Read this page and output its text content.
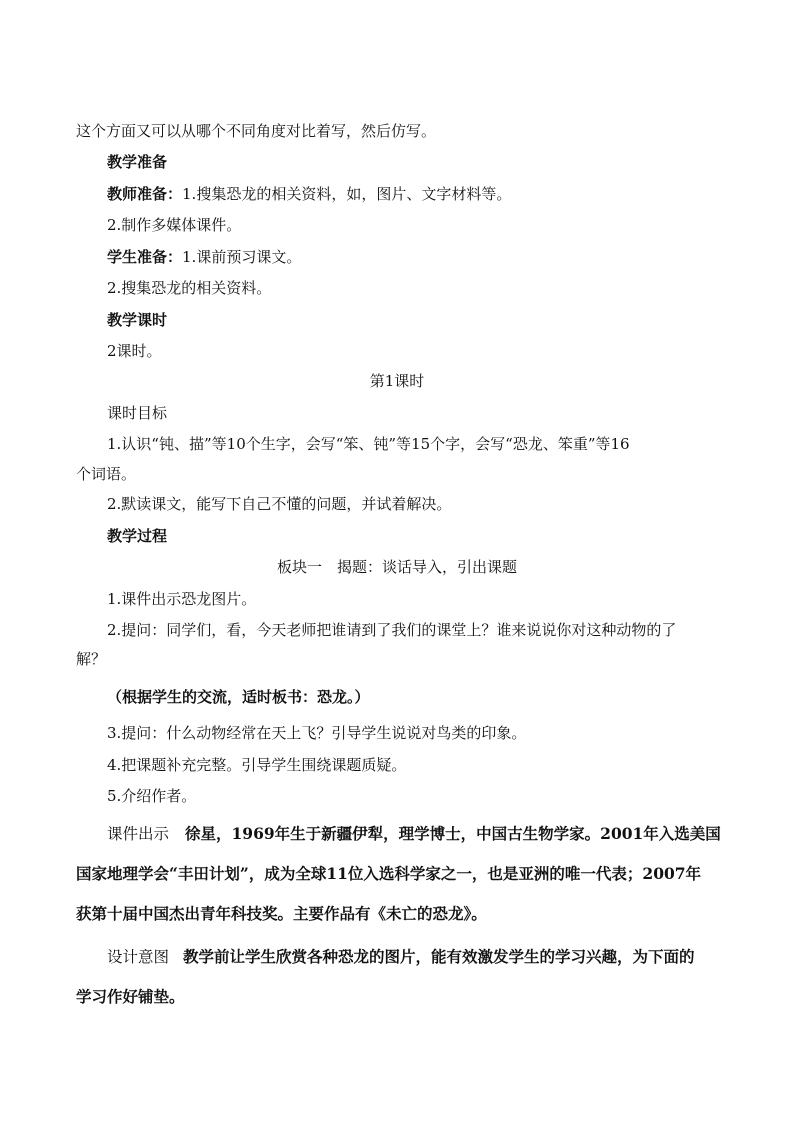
这个方面又可以从哪个不同角度对比着写，然后仿写。
教学准备
教师准备：1.搜集恐龙的相关资料，如，图片、文字材料等。
2.制作多媒体课件。
学生准备：1.课前预习课文。
2.搜集恐龙的相关资料。
教学课时
2课时。
第1课时
课时目标
1.认识“钝、描”等10个生字，会写“笨、钝”等15个字，会写“恐龙、笨重”等16
个词语。
2.默读课文，能写下自己不懂的问题，并试着解决。
教学过程
板块一　揭题：谈话导入，引出课题
1.课件出示恐龙图片。
2.提问：同学们，看，今天老师把谁请到了我们的课堂上？谁来说说你对这种动物的了
解？
（根据学生的交流，适时板书：恐龙。）
3.提问：什么动物经常在天上飞？引导学生说说对鸟类的印象。
4.把课题补充完整。引导学生围绕课题质疑。
5.介绍作者。
课件出示 徐星，1969年生于新疆伊犁，理学博士，中国古生物学家。2001年入选美国
国家地理学会“丰田计划”，成为全球11位入选科学家之一，也是亚洲的唯一代表；2007年
获第十届中国杰出青年科技奖。主要作品有《未亡的恐龙》。
设计意图 教学前让学生欣赏各种恐龙的图片，能有效激发学生的学习兴趣，为下面的
学习作好铺垫。
